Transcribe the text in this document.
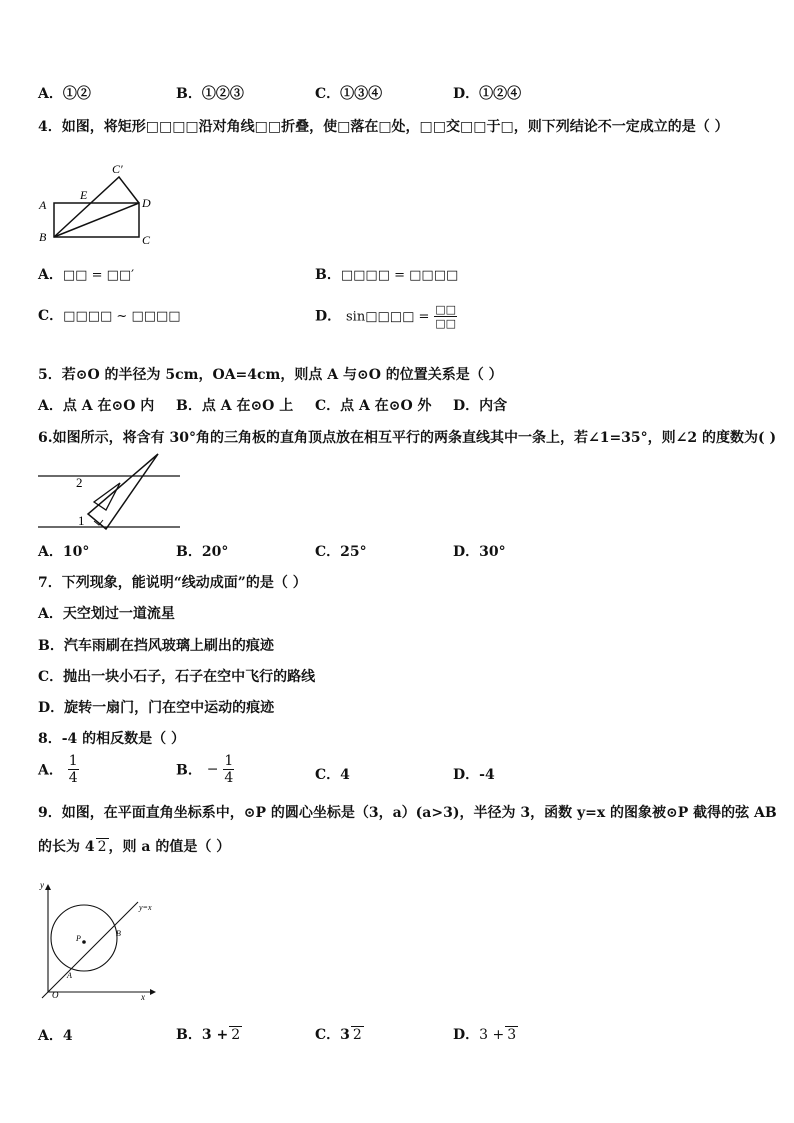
A．①②	B．①②③	C．①③④	D．①②④
4．如图，将矩形□□□□沿对角线□□折叠，使□落在□处，□□交□□于□，则下列结论不一定成立的是（ ）
A
B	C
D
E
C′
A．□□ = □□′	B．□□□□ = □□□□
C．□□□□ ~ □□□□	D． sin□□□□ = $\frac{□□}{□□}$
5．若⊙O 的半径为 5cm，OA=4cm，则点 A 与⊙O 的位置关系是（ ）
A．点 A 在⊙O 内 B．点 A 在⊙O 上 C．点 A 在⊙O 外 D．内含
6.如图所示，将含有 30°角的三角板的直角顶点放在相互平行的两条直线其中一条上，若∠1=35°，则∠2 的度数为( )
2
1
A．10°	B．20°	C．25°	D．30°
7．下列现象，能说明“线动成面”的是（ ）
A．天空划过一道流星
B．汽车雨刷在挡风玻璃上刷出的痕迹
C．抛出一块小石子，石子在空中飞行的路线
D．旋转一扇门，门在空中运动的痕迹
8．-4 的相反数是（ ）
A． $\frac{1}{4}$	B． − $\frac{1}{4}$	C．4	D．-4
9．如图，在平面直角坐标系中，⊙P 的圆心坐标是（3，a）(a>3)，半径为 3，函数 y=x 的图象被⊙P 截得的弦 AB
的长为 4 2 ，则 a 的值是（ ）
y
x
O
P
A
B
y=x
A．4	B．3 + 2	C．3 2	D．3 + 3
